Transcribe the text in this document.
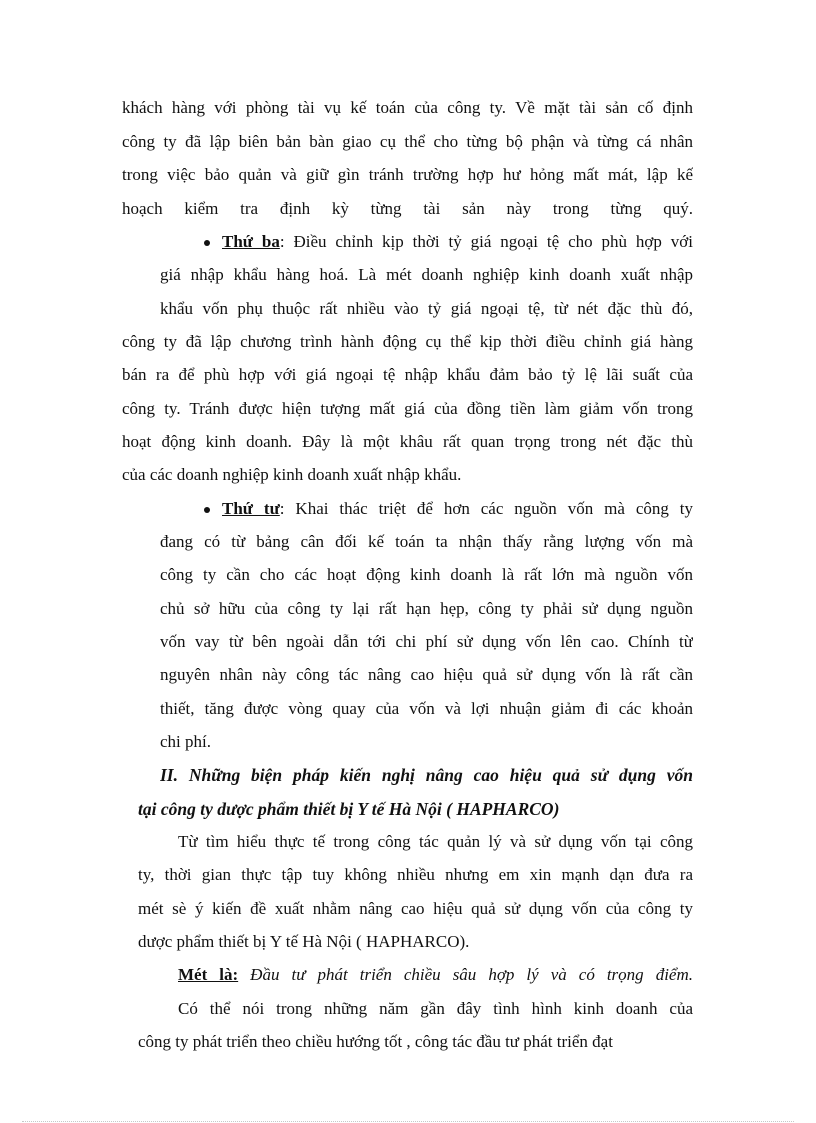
khách hàng với phòng tài vụ kế toán của công ty. Về mặt tài sản cố định
công ty đã lập biên bản bàn giao cụ thể cho từng bộ phận và từng cá nhân
trong việc bảo quản và giữ gìn tránh trường hợp hư hỏng mất mát, lập kế
hoạch kiểm tra định kỳ từng tài sản này trong từng quý.
Thứ ba: Điều chỉnh kịp thời tỷ giá ngoại tệ cho phù hợp với
giá nhập khẩu hàng hoá. Là mét doanh nghiệp kinh doanh xuất nhập
khẩu vốn phụ thuộc rất nhiều vào tỷ giá ngoại tệ, từ nét đặc thù đó,
công ty đã lập chương trình hành động cụ thể kịp thời điều chỉnh giá hàng
bán ra để phù hợp với giá ngoại tệ nhập khẩu đảm bảo tỷ lệ lãi suất của
công ty. Tránh được hiện tượng mất giá của đồng tiền làm giảm vốn trong
hoạt động kinh doanh. Đây là một khâu rất quan trọng trong nét đặc thù
của các doanh nghiệp kinh doanh xuất nhập khẩu.
Thứ tư: Khai thác triệt để hơn các nguồn vốn mà công ty
đang có từ bảng cân đối kế toán ta nhận thấy rằng lượng vốn mà
công ty cần cho các hoạt động kinh doanh là rất lớn mà nguồn vốn
chủ sở hữu của công ty lại rất hạn hẹp, công ty phải sử dụng nguồn
vốn vay từ bên ngoài dẫn tới chi phí sử dụng vốn lên cao. Chính từ
nguyên nhân này công tác nâng cao hiệu quả sử dụng vốn là rất cần
thiết, tăng được vòng quay của vốn và lợi nhuận giảm đi các khoản
chi phí.
II. Những biện pháp kiến nghị nâng cao hiệu quả sử dụng vốn
tại công ty dược phẩm thiết bị Y tế Hà Nội ( HAPHARCO)
Từ tìm hiểu thực tế trong công tác quản lý và sử dụng vốn tại công
ty, thời gian thực tập tuy không nhiều nhưng em xin mạnh dạn đưa ra
mét sè ý kiến đề xuất nhằm nâng cao hiệu quả sử dụng vốn của công ty
dược phẩm thiết bị Y tế Hà Nội ( HAPHARCO).
Mét là: Đầu tư phát triển chiều sâu hợp lý và có trọng điểm.
Có thể nói trong những năm gần đây tình hình kinh doanh của
công ty phát triển theo chiều hướng tốt , công tác đầu tư phát triển đạt
